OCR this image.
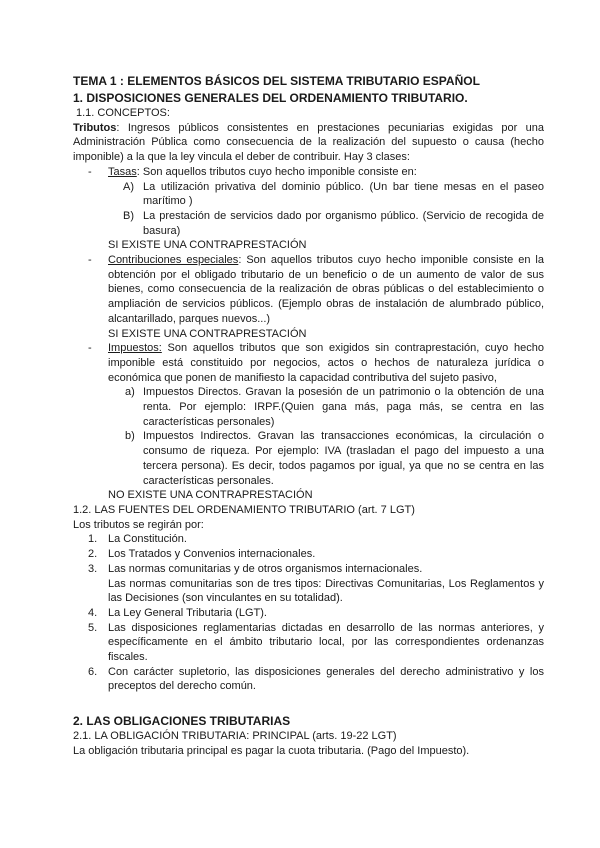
TEMA 1 : ELEMENTOS BÁSICOS DEL SISTEMA TRIBUTARIO ESPAÑOL
1. DISPOSICIONES GENERALES DEL ORDENAMIENTO TRIBUTARIO.

1.1. CONCEPTOS:

Tributos: Ingresos públicos consistentes en prestaciones pecuniarias exigidas por una Administración Pública como consecuencia de la realización del supuesto o causa (hecho imponible) a la que la ley vincula el deber de contribuir. Hay 3 clases:

-	Tasas: Son aquellos tributos cuyo hecho imponible consiste en:
A) La utilización privativa del dominio público. (Un bar tiene mesas en el paseo marítimo )
B) La prestación de servicios dado por organismo público. (Servicio de recogida de basura)

SI EXISTE UNA CONTRAPRESTACIÓN

-	Contribuciones especiales: Son aquellos tributos cuyo hecho imponible consiste en la obtención por el obligado tributario de un beneficio o de un aumento de valor de sus bienes, como consecuencia de la realización de obras públicas o del establecimiento o ampliación de servicios públicos. (Ejemplo obras de instalación de alumbrado público, alcantarillado, parques nuevos...)

SI EXISTE UNA CONTRAPRESTACIÓN

-	Impuestos: Son aquellos tributos que son exigidos sin contraprestación, cuyo hecho imponible está constituido por negocios, actos o hechos de naturaleza jurídica o económica que ponen de manifiesto la capacidad contributiva del sujeto pasivo,
a) Impuestos Directos. Gravan la posesión de un patrimonio o la obtención de una renta. Por ejemplo: IRPF.(Quien gana más, paga más, se centra en las características personales)
b) Impuestos Indirectos. Gravan las transacciones económicas, la circulación o consumo de riqueza. Por ejemplo: IVA (trasladan el pago del impuesto a una tercera persona). Es decir, todos pagamos por igual, ya que no se centra en las características personales.

NO EXISTE UNA CONTRAPRESTACIÓN

1.2. LAS FUENTES DEL ORDENAMIENTO TRIBUTARIO (art. 7 LGT)

Los tributos se regirán por:

1. La Constitución.
2. Los Tratados y Convenios internacionales.
3. Las normas comunitarias y de otros organismos internacionales.

Las normas comunitarias son de tres tipos: Directivas Comunitarias, Los Reglamentos y las Decisiones (son vinculantes en su totalidad).

4. La Ley General Tributaria (LGT).
5. Las disposiciones reglamentarias dictadas en desarrollo de las normas anteriores, y específicamente en el ámbito tributario local, por las correspondientes ordenanzas fiscales.
6. Con carácter supletorio, las disposiciones generales del derecho administrativo y los preceptos del derecho común.
2. LAS OBLIGACIONES TRIBUTARIAS

2.1. LA OBLIGACIÓN TRIBUTARIA: PRINCIPAL (arts. 19-22 LGT)

La obligación tributaria principal es pagar la cuota tributaria. (Pago del Impuesto).
